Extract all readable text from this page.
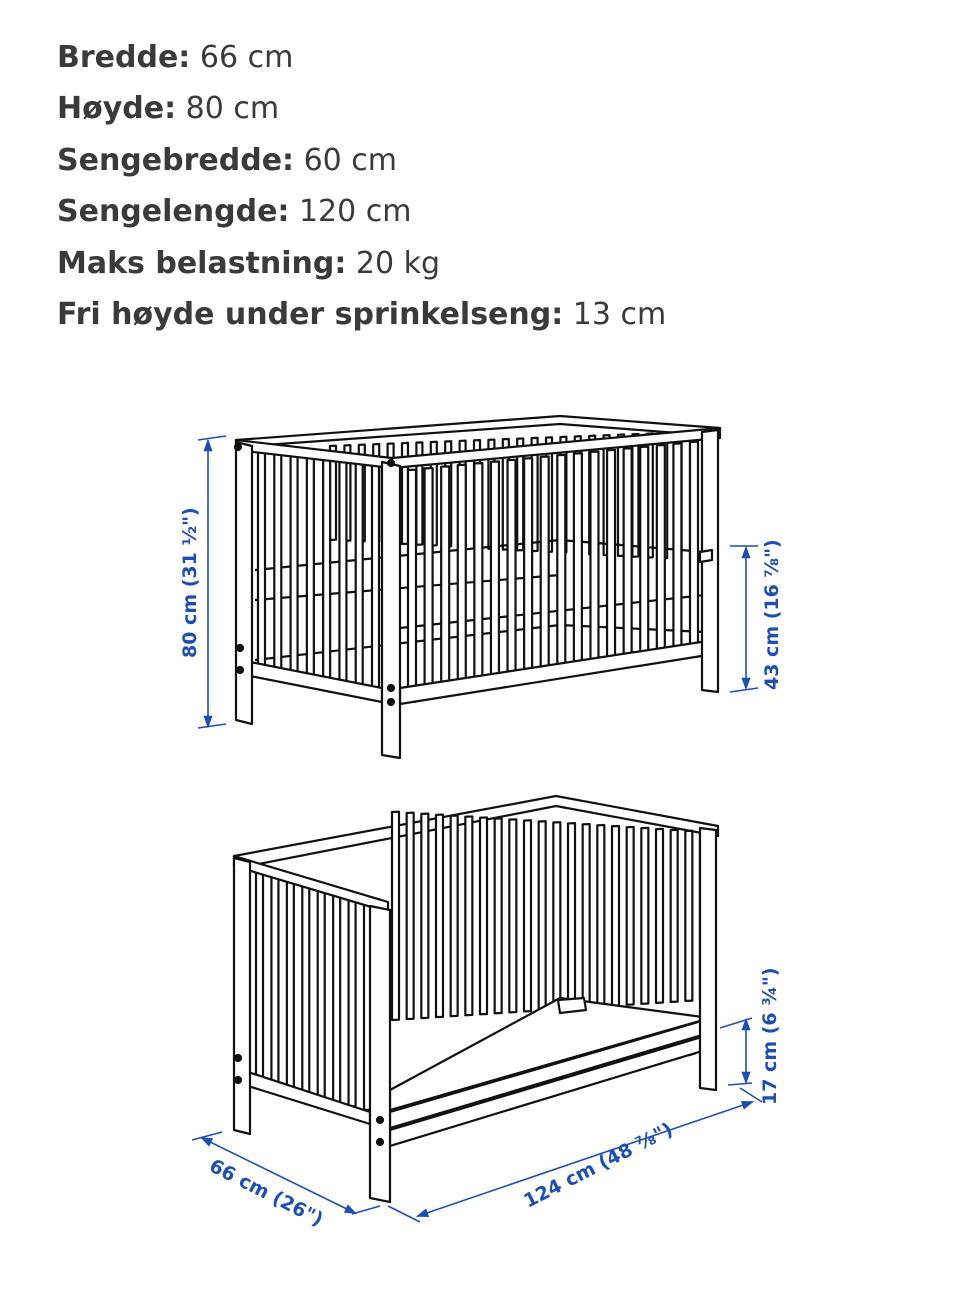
Bredde: 66 cm
Høyde: 80 cm
Sengebredde: 60 cm
Sengelengde: 120 cm
Maks belastning: 20 kg
Fri høyde under sprinkelseng: 13 cm
80 cm (31 ½")	43 cm (16 ⅞")
17 cm (6 ¾")
66 cm (26")	124 cm (48 ⅞")
